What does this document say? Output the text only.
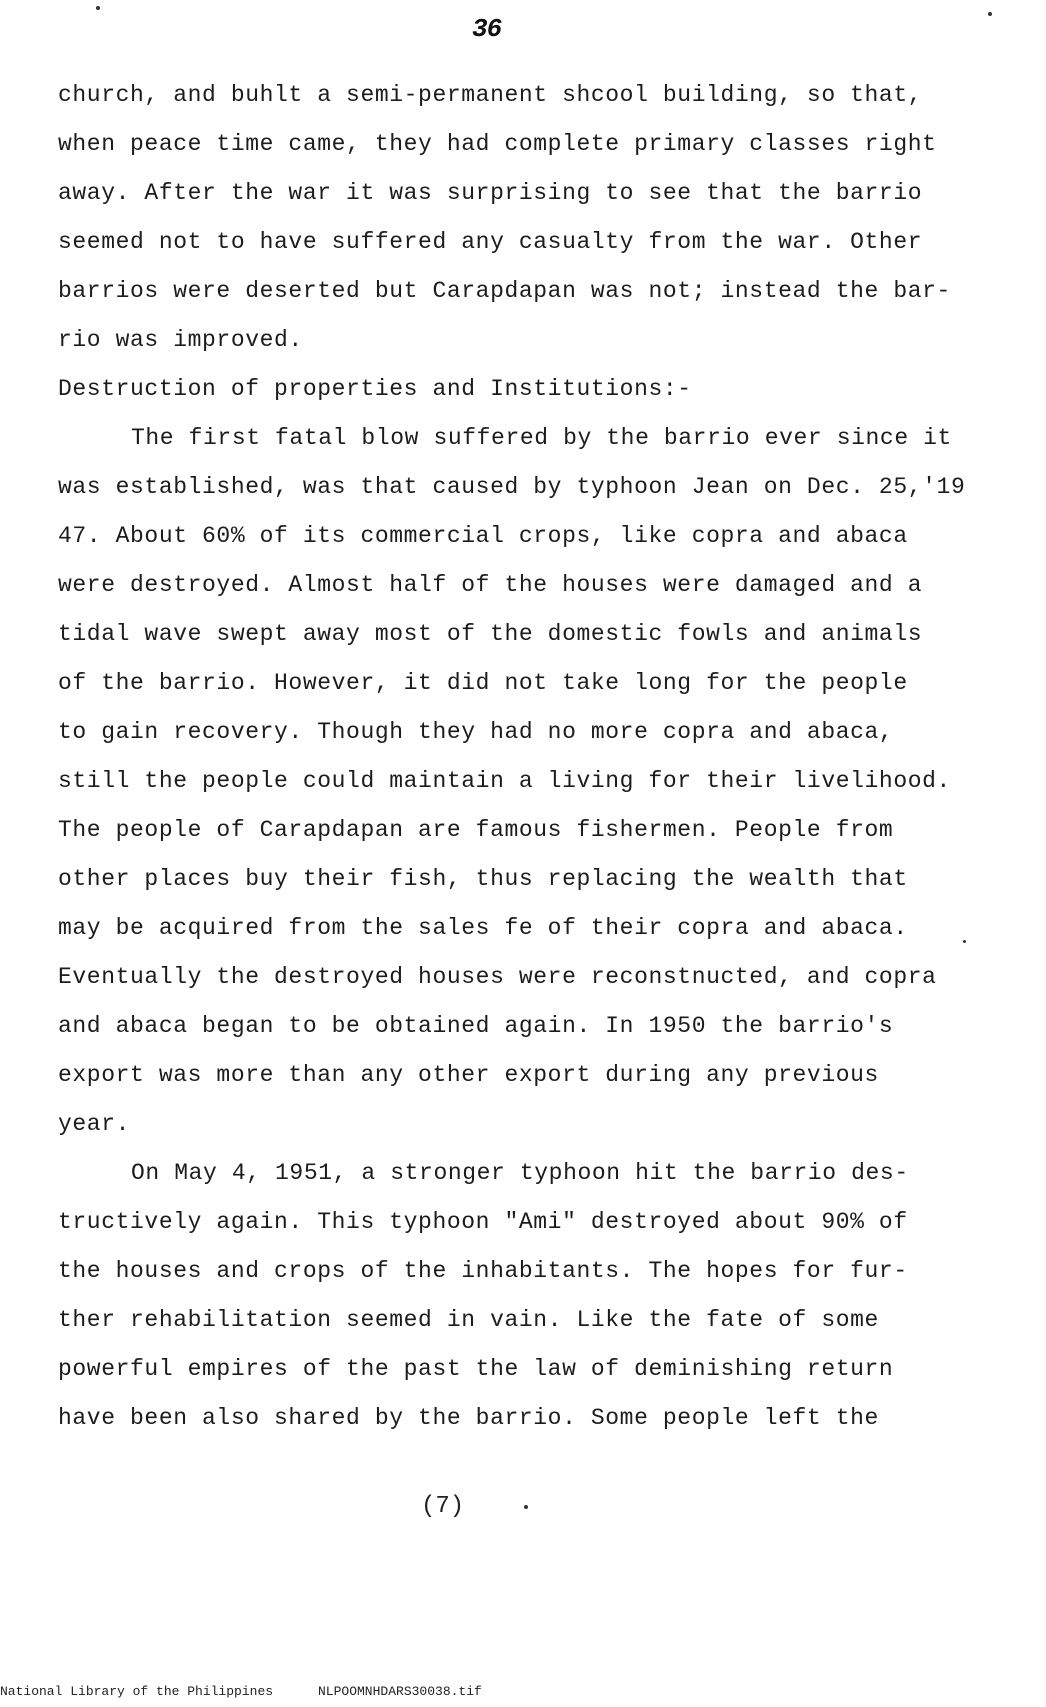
36
church, and buhlt a semi-permanent shcool building, so that,
when peace time came, they had complete primary classes right
away. After the war it was surprising to see that the barrio
seemed not to have suffered any casualty from the war. Other
barrios were deserted but Carapdapan was not; instead the bar-
rio was improved.
Destruction of properties and Institutions:-
The first fatal blow suffered by the barrio ever since it
was established, was that caused by typhoon Jean on Dec. 25,'19
47. About 60% of its commercial crops, like copra and abaca
were destroyed. Almost half of the houses were damaged and a
tidal wave swept away most of the domestic fowls and animals
of the barrio. However, it did not take long for the people
to gain recovery. Though they had no more copra and abaca,
still the people could maintain a living for their livelihood.
The people of Carapdapan are famous fishermen. People from
other places buy their fish, thus replacing the wealth that
may be acquired from the sales fe of their copra and abaca.
Eventually the destroyed houses were reconstnucted, and copra
and abaca began to be obtained again. In 1950 the barrio's
export was more than any other export during any previous
year.
On May 4, 1951, a stronger typhoon hit the barrio des-
tructively again. This typhoon "Ami" destroyed about 90% of
the houses and crops of the inhabitants. The hopes for fur-
ther rehabilitation seemed in vain. Like the fate of some
powerful empires of the past the law of deminishing return
have been also shared by the barrio. Some people left the
(7)
National Library of the Philippines	NLPOOMNHDARS30038.tif
